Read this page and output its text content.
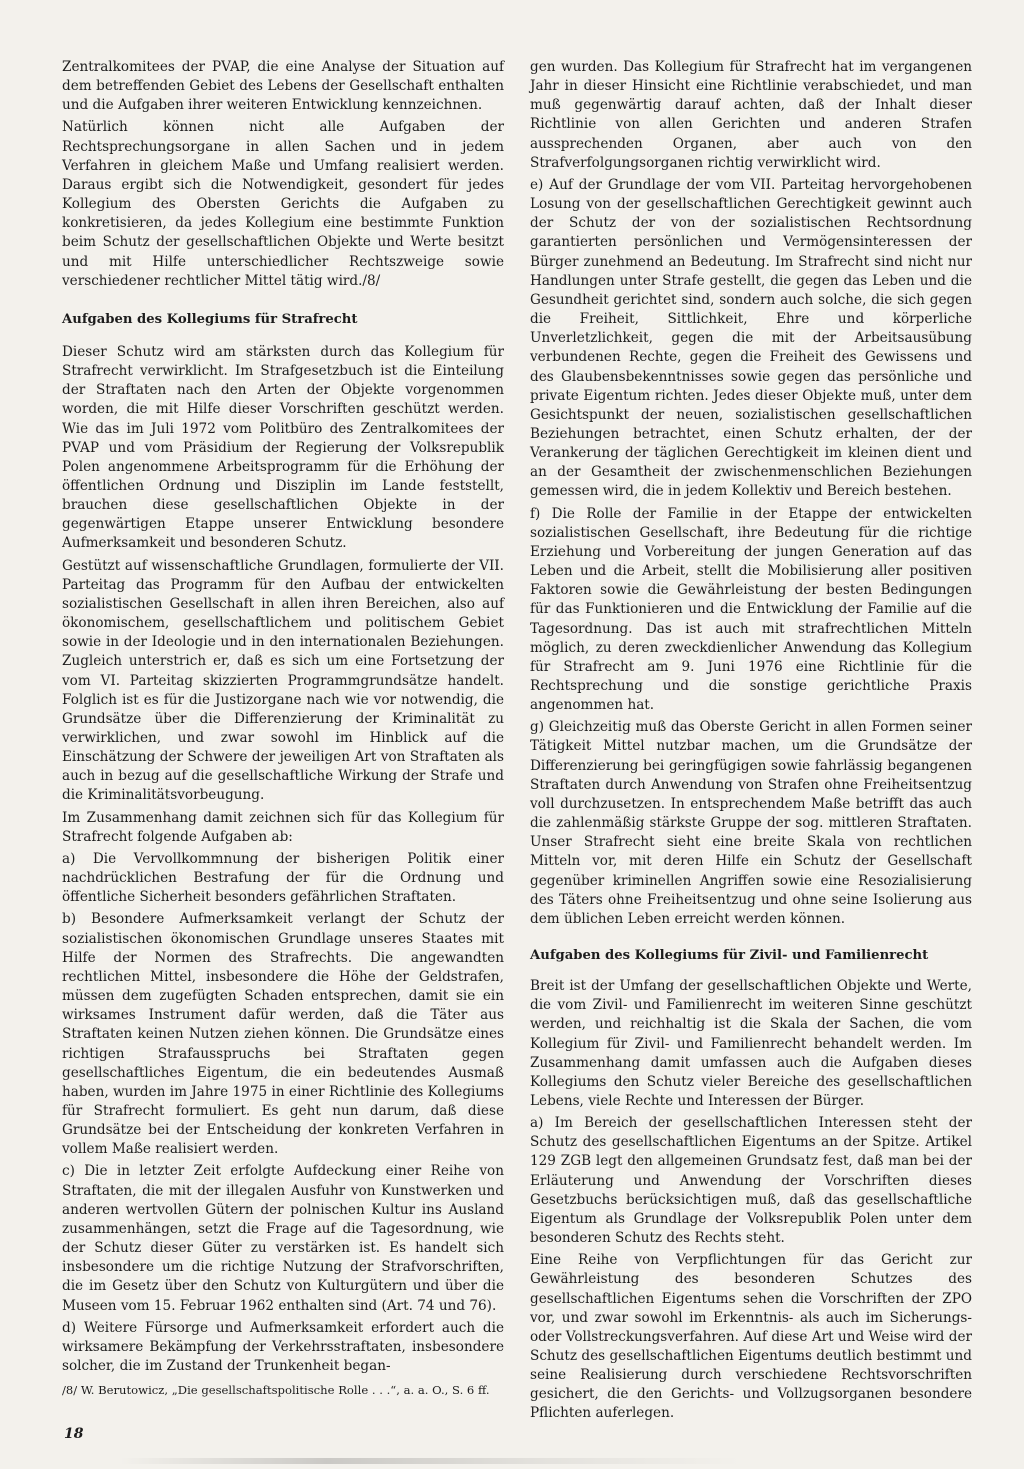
Zentralkomitees der PVAP, die eine Analyse der Situation auf dem betreffenden Gebiet des Lebens der Gesellschaft enthalten und die Aufgaben ihrer weiteren Entwicklung kennzeichnen.

Natürlich können nicht alle Aufgaben der Rechtsprechungsorgane in allen Sachen und in jedem Verfahren in gleichem Maße und Umfang realisiert werden. Daraus ergibt sich die Notwendigkeit, gesondert für jedes Kollegium des Obersten Gerichts die Aufgaben zu konkretisieren, da jedes Kollegium eine bestimmte Funktion beim Schutz der gesellschaftlichen Objekte und Werte besitzt und mit Hilfe unterschiedlicher Rechtszweige sowie verschiedener rechtlicher Mittel tätig wird./8/

Aufgaben des Kollegiums für Strafrecht

Dieser Schutz wird am stärksten durch das Kollegium für Strafrecht verwirklicht. Im Strafgesetzbuch ist die Einteilung der Straftaten nach den Arten der Objekte vorgenommen worden, die mit Hilfe dieser Vorschriften geschützt werden. Wie das im Juli 1972 vom Politbüro des Zentralkomitees der PVAP und vom Präsidium der Regierung der Volksrepublik Polen angenommene Arbeitsprogramm für die Erhöhung der öffentlichen Ordnung und Disziplin im Lande feststellt, brauchen diese gesellschaftlichen Objekte in der gegenwärtigen Etappe unserer Entwicklung besondere Aufmerksamkeit und besonderen Schutz.

Gestützt auf wissenschaftliche Grundlagen, formulierte der VII. Parteitag das Programm für den Aufbau der entwickelten sozialistischen Gesellschaft in allen ihren Bereichen, also auf ökonomischem, gesellschaftlichem und politischem Gebiet sowie in der Ideologie und in den internationalen Beziehungen. Zugleich unterstrich er, daß es sich um eine Fortsetzung der vom VI. Parteitag skizzierten Programmgrundsätze handelt. Folglich ist es für die Justizorgane nach wie vor notwendig, die Grundsätze über die Differenzierung der Kriminalität zu verwirklichen, und zwar sowohl im Hinblick auf die Einschätzung der Schwere der jeweiligen Art von Straftaten als auch in bezug auf die gesellschaftliche Wirkung der Strafe und die Kriminalitätsvorbeugung.

Im Zusammenhang damit zeichnen sich für das Kollegium für Strafrecht folgende Aufgaben ab:

a) Die Vervollkommnung der bisherigen Politik einer nachdrücklichen Bestrafung der für die Ordnung und öffentliche Sicherheit besonders gefährlichen Straftaten.

b) Besondere Aufmerksamkeit verlangt der Schutz der sozialistischen ökonomischen Grundlage unseres Staates mit Hilfe der Normen des Strafrechts. Die angewandten rechtlichen Mittel, insbesondere die Höhe der Geldstrafen, müssen dem zugefügten Schaden entsprechen, damit sie ein wirksames Instrument dafür werden, daß die Täter aus Straftaten keinen Nutzen ziehen können. Die Grundsätze eines richtigen Strafausspruchs bei Straftaten gegen gesellschaftliches Eigentum, die ein bedeutendes Ausmaß haben, wurden im Jahre 1975 in einer Richtlinie des Kollegiums für Strafrecht formuliert. Es geht nun darum, daß diese Grundsätze bei der Entscheidung der konkreten Verfahren in vollem Maße realisiert werden.

c) Die in letzter Zeit erfolgte Aufdeckung einer Reihe von Straftaten, die mit der illegalen Ausfuhr von Kunstwerken und anderen wertvollen Gütern der polnischen Kultur ins Ausland zusammenhängen, setzt die Frage auf die Tagesordnung, wie der Schutz dieser Güter zu verstärken ist. Es handelt sich insbesondere um die richtige Nutzung der Strafvorschriften, die im Gesetz über den Schutz von Kulturgütern und über die Museen vom 15. Februar 1962 enthalten sind (Art. 74 und 76).

d) Weitere Fürsorge und Aufmerksamkeit erfordert auch die wirksamere Bekämpfung der Verkehrsstraftaten, insbesondere solcher, die im Zustand der Trunkenheit began-

gen wurden. Das Kollegium für Strafrecht hat im vergangenen Jahr in dieser Hinsicht eine Richtlinie verabschiedet, und man muß gegenwärtig darauf achten, daß der Inhalt dieser Richtlinie von allen Gerichten und anderen Strafen aussprechenden Organen, aber auch von den Strafverfolgungsorganen richtig verwirklicht wird.

e) Auf der Grundlage der vom VII. Parteitag hervorgehobenen Losung von der gesellschaftlichen Gerechtigkeit gewinnt auch der Schutz der von der sozialistischen Rechtsordnung garantierten persönlichen und Vermögensinteressen der Bürger zunehmend an Bedeutung. Im Strafrecht sind nicht nur Handlungen unter Strafe gestellt, die gegen das Leben und die Gesundheit gerichtet sind, sondern auch solche, die sich gegen die Freiheit, Sittlichkeit, Ehre und körperliche Unverletzlichkeit, gegen die mit der Arbeitsausübung verbundenen Rechte, gegen die Freiheit des Gewissens und des Glaubensbekenntnisses sowie gegen das persönliche und private Eigentum richten. Jedes dieser Objekte muß, unter dem Gesichtspunkt der neuen, sozialistischen gesellschaftlichen Beziehungen betrachtet, einen Schutz erhalten, der der Verankerung der täglichen Gerechtigkeit im kleinen dient und an der Gesamtheit der zwischenmenschlichen Beziehungen gemessen wird, die in jedem Kollektiv und Bereich bestehen.

f) Die Rolle der Familie in der Etappe der entwickelten sozialistischen Gesellschaft, ihre Bedeutung für die richtige Erziehung und Vorbereitung der jungen Generation auf das Leben und die Arbeit, stellt die Mobilisierung aller positiven Faktoren sowie die Gewährleistung der besten Bedingungen für das Funktionieren und die Entwicklung der Familie auf die Tagesordnung. Das ist auch mit strafrechtlichen Mitteln möglich, zu deren zweckdienlicher Anwendung das Kollegium für Strafrecht am 9. Juni 1976 eine Richtlinie für die Rechtsprechung und die sonstige gerichtliche Praxis angenommen hat.

g) Gleichzeitig muß das Oberste Gericht in allen Formen seiner Tätigkeit Mittel nutzbar machen, um die Grundsätze der Differenzierung bei geringfügigen sowie fahrlässig begangenen Straftaten durch Anwendung von Strafen ohne Freiheitsentzug voll durchzusetzen. In entsprechendem Maße betrifft das auch die zahlenmäßig stärkste Gruppe der sog. mittleren Straftaten. Unser Strafrecht sieht eine breite Skala von rechtlichen Mitteln vor, mit deren Hilfe ein Schutz der Gesellschaft gegenüber kriminellen Angriffen sowie eine Resozialisierung des Täters ohne Freiheitsentzug und ohne seine Isolierung aus dem üblichen Leben erreicht werden können.

Aufgaben des Kollegiums für Zivil- und Familienrecht

Breit ist der Umfang der gesellschaftlichen Objekte und Werte, die vom Zivil- und Familienrecht im weiteren Sinne geschützt werden, und reichhaltig ist die Skala der Sachen, die vom Kollegium für Zivil- und Familienrecht behandelt werden. Im Zusammenhang damit umfassen auch die Aufgaben dieses Kollegiums den Schutz vieler Bereiche des gesellschaftlichen Lebens, viele Rechte und Interessen der Bürger.

a) Im Bereich der gesellschaftlichen Interessen steht der Schutz des gesellschaftlichen Eigentums an der Spitze. Artikel 129 ZGB legt den allgemeinen Grundsatz fest, daß man bei der Erläuterung und Anwendung der Vorschriften dieses Gesetzbuchs berücksichtigen muß, daß das gesellschaftliche Eigentum als Grundlage der Volksrepublik Polen unter dem besonderen Schutz des Rechts steht.

Eine Reihe von Verpflichtungen für das Gericht zur Gewährleistung des besonderen Schutzes des gesellschaftlichen Eigentums sehen die Vorschriften der ZPO vor, und zwar sowohl im Erkenntnis- als auch im Sicherungs- oder Vollstreckungsverfahren. Auf diese Art und Weise wird der Schutz des gesellschaftlichen Eigentums deutlich bestimmt und seine Realisierung durch verschiedene Rechtsvorschriften gesichert, die den Gerichts- und Vollzugsorganen besondere Pflichten auferlegen.

/8/ W. Berutowicz, „Die gesellschaftspolitische Rolle . . .“, a. a. O., S. 6 ff.
18
